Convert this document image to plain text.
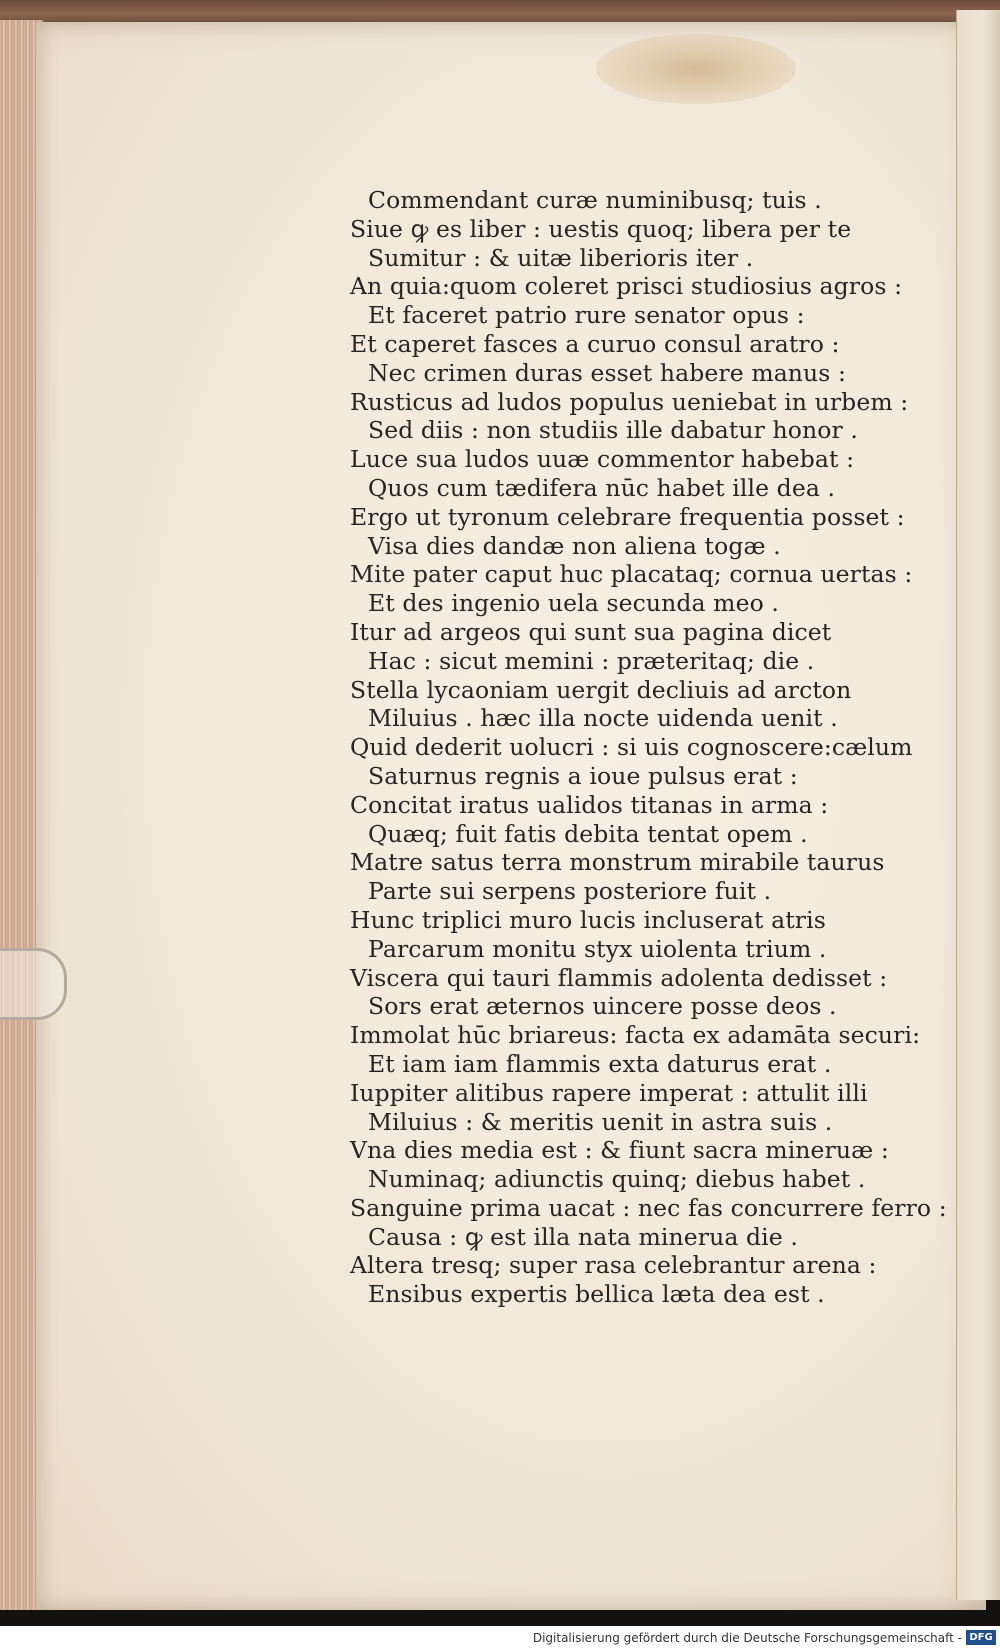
Commendant curæ numinibusq; tuis .
Siue ꝙ es liber : uestis quoq; libera per te
Sumitur : & uitæ liberioris iter .
An quia:quom coleret prisci studiosius agros :
Et faceret patrio rure senator opus :
Et caperet fasces a curuo consul aratro :
Nec crimen duras esset habere manus :
Rusticus ad ludos populus ueniebat in urbem :
Sed diis : non studiis ille dabatur honor .
Luce sua ludos uuæ commentor habebat :
Quos cum tædifera nūc habet ille dea .
Ergo ut tyronum celebrare frequentia posset :
Visa dies dandæ non aliena togæ .
Mite pater caput huc placataq; cornua uertas :
Et des ingenio uela secunda meo .
Itur ad argeos qui sunt sua pagina dicet
Hac : sicut memini : præteritaq; die .
Stella lycaoniam uergit decliuis ad arcton
Miluius . hæc illa nocte uidenda uenit .
Quid dederit uolucri : si uis cognoscere:cælum
Saturnus regnis a ioue pulsus erat :
Concitat iratus ualidos titanas in arma :
Quæq; fuit fatis debita tentat opem .
Matre satus terra monstrum mirabile taurus
Parte sui serpens posteriore fuit .
Hunc triplici muro lucis incluserat atris
Parcarum monitu styx uiolenta trium .
Viscera qui tauri flammis adolenta dedisset :
Sors erat æternos uincere posse deos .
Immolat hūc briareus: facta ex adamāta securi:
Et iam iam flammis exta daturus erat .
Iuppiter alitibus rapere imperat : attulit illi
Miluius : & meritis uenit in astra suis .
Vna dies media est : & fiunt sacra mineruæ :
Numinaq; adiunctis quinq; diebus habet .
Sanguine prima uacat : nec fas concurrere ferro :
Causa : ꝙ est illa nata minerua die .
Altera tresq; super rasa celebrantur arena :
Ensibus expertis bellica læta dea est .
Digitalisierung gefördert durch die Deutsche Forschungsgemeinschaft - DFG
